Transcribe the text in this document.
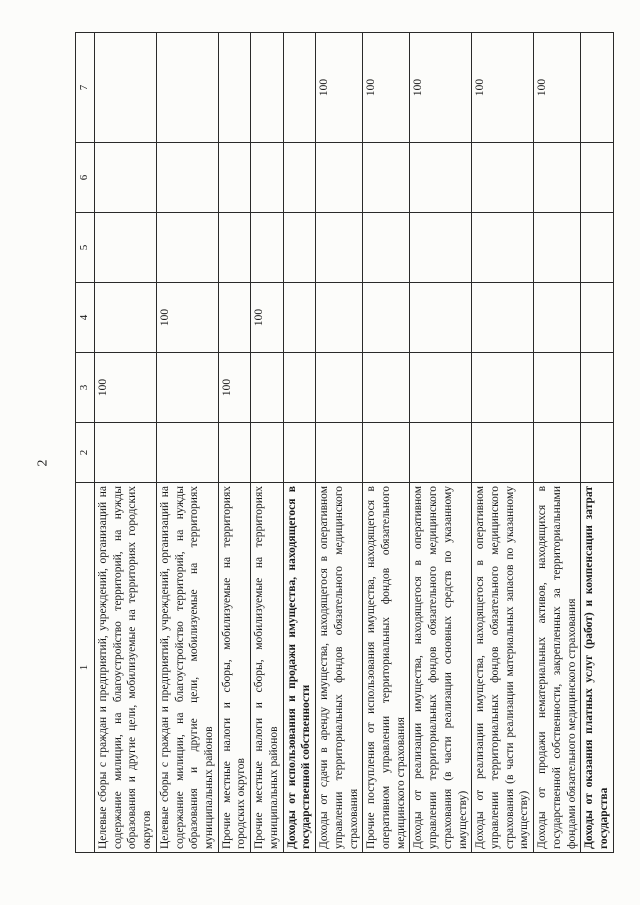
2
1	2	3	4	5	6	7
Целевые сборы с граждан и предприятий, учреждений, организаций на содержание милиции, на благоустройство территорий, на нужды образования и другие цели, мобилизуемые на территориях городских округов		100				
Целевые сборы с граждан и предприятий, учреждений, организаций на содержание милиции, на благоустройство территорий, на нужды образования и другие цели, мобилизуемые на территориях муниципальных районов			100			
Прочие местные налоги и сборы, мобилизуемые на территориях городских округов		100				
Прочие местные налоги и сборы, мобилизуемые на территориях муниципальных районов			100			
Доходы от использования и продажи имущества, находящегося в государственной собственности						
Доходы от сдачи в аренду имущества, находящегося в оперативном управлении территориальных фондов обязательного медицинского страхования						100
Прочие поступления от использования имущества, находящегося в оперативном управлении территориальных фондов обязательного медицинского страхования						100
Доходы от реализации имущества, находящегося в оперативном управлении территориальных фондов обязательного медицинского страхования (в части реализации основных средств по указанному имуществу)						100
Доходы от реализации имущества, находящегося в оперативном управлении территориальных фондов обязательного медицинского страхования (в части реализации материальных запасов по указанному имуществу)						100
Доходы от продажи нематериальных активов, находящихся в государственной собственности, закрепленных за территориальными фондами обязательного медицинского страхования						100
Доходы от оказания платных услуг (работ) и компенсации затрат государства						
